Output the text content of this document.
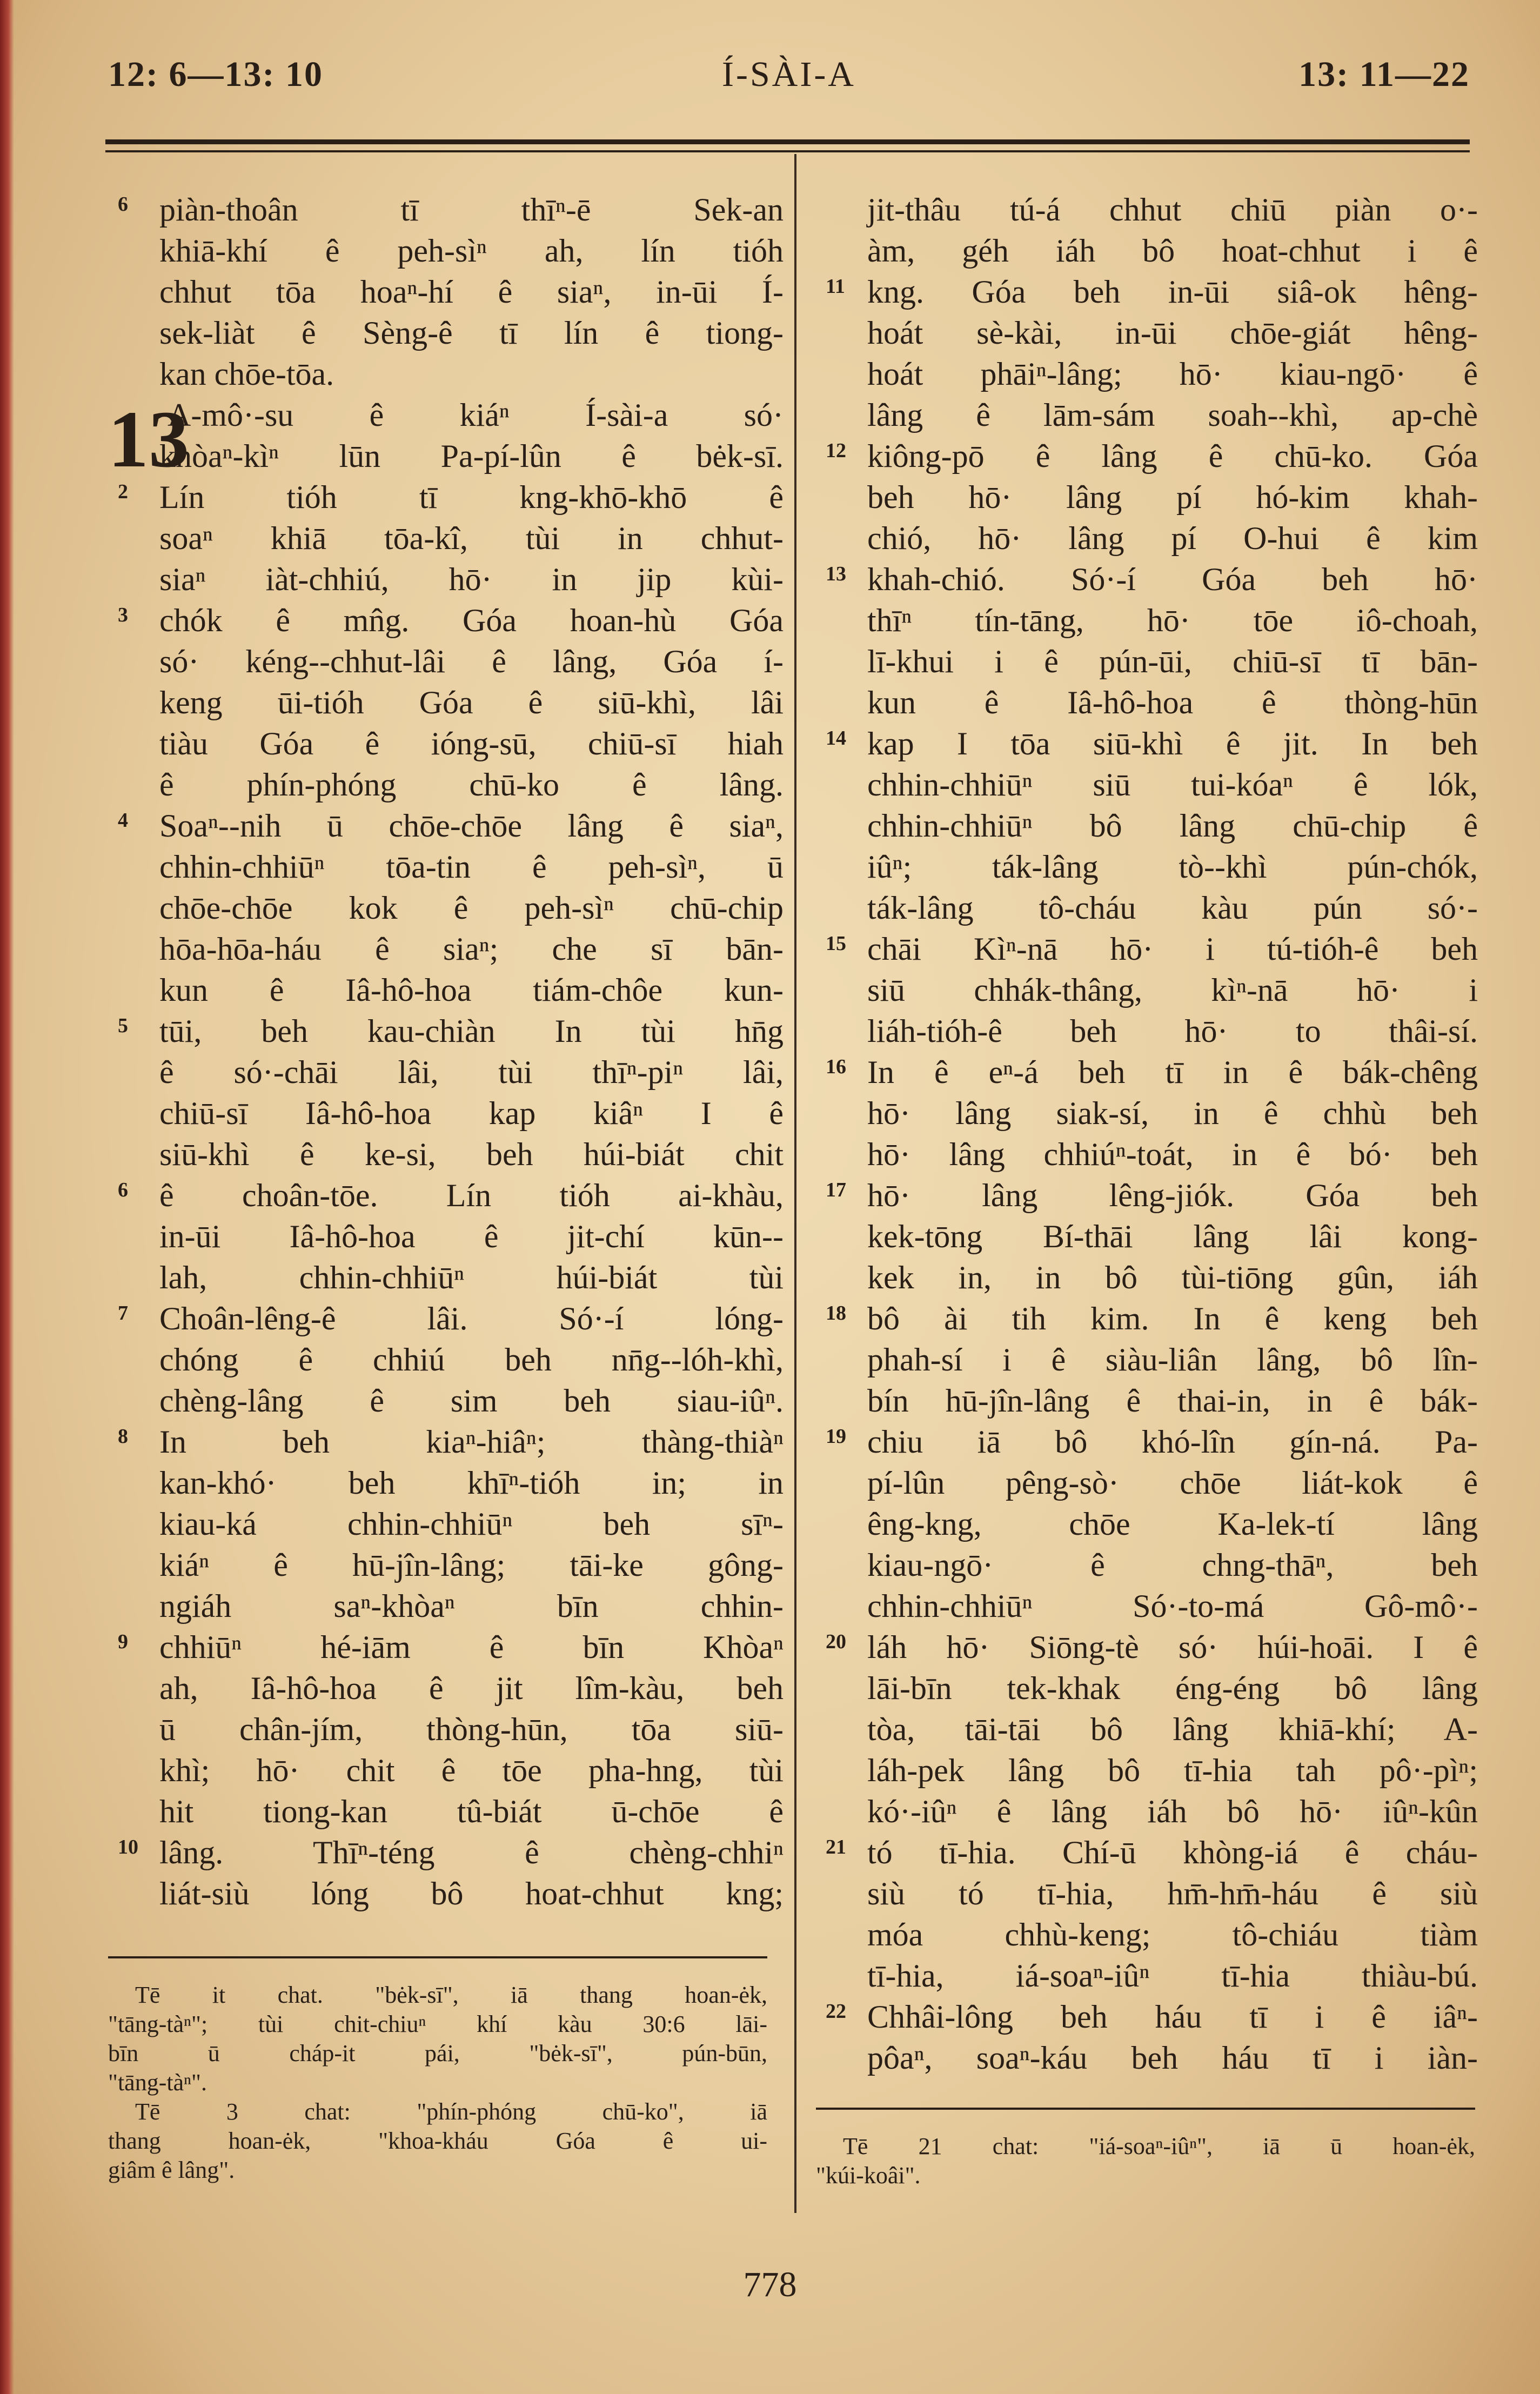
Í-SÀI-A
12: 6—13: 10	13: 11—22
6 piàn-thoân tī thīⁿ-ē Sek-an
khiā-khí ê peh-sìⁿ ah, lín tióh
chhut tōa hoaⁿ-hí ê siaⁿ, in-ūi Í-
sek-liàt ê Sèng-ê tī lín ê tiong-
kan chōe-tōa.
13
A-mô·-su ê kiáⁿ Í-sài-a só·
khòaⁿ-kìⁿ lūn Pa-pí-lûn ê bėk-sī.
2 Lín tióh tī kng-khō-khō ê
soaⁿ khiā tōa-kî, tùi in chhut-
siaⁿ iàt-chhiú, hō· in jip kùi-
3 chók ê mn̂g. Góa hoan-hù Góa
só· kéng--chhut-lâi ê lâng, Góa í-
keng ūi-tióh Góa ê siū-khì, lâi
tiàu Góa ê ióng-sū, chiū-sī hiah
ê phín-phóng chū-ko ê lâng.
4 Soaⁿ--nih ū chōe-chōe lâng ê siaⁿ,
chhin-chhiūⁿ tōa-tin ê peh-sìⁿ, ū
chōe-chōe kok ê peh-sìⁿ chū-chip
hōa-hōa-háu ê siaⁿ; che sī bān-
kun ê Iâ-hô-hoa tiám-chôe kun-
5 tūi, beh kau-chiàn In tùi hn̄g
ê só·-chāi lâi, tùi thīⁿ-piⁿ lâi,
chiū-sī Iâ-hô-hoa kap kiâⁿ I ê
siū-khì ê ke-si, beh húi-biát chit
6 ê choân-tōe. Lín tióh ai-khàu,
in-ūi Iâ-hô-hoa ê jit-chí kūn--
lah, chhin-chhiūⁿ húi-biát tùi
7 Choân-lêng-ê lâi. Só·-í lóng-
chóng ê chhiú beh nn̄g--lóh-khì,
chèng-lâng ê sim beh siau-iûⁿ.
8 In beh kiaⁿ-hiâⁿ; thàng-thiàⁿ
kan-khó· beh khīⁿ-tióh in; in
kiau-ká chhin-chhiūⁿ beh sīⁿ-
kiáⁿ ê hū-jîn-lâng; tāi-ke gông-
ngiáh saⁿ-khòaⁿ bīn chhin-
9 chhiūⁿ hé-iām ê bīn Khòaⁿ
ah, Iâ-hô-hoa ê jit lîm-kàu, beh
ū chân-jím, thòng-hūn, tōa siū-
khì; hō· chit ê tōe pha-hng, tùi
hit tiong-kan tû-biát ū-chōe ê
10 lâng. Thīⁿ-téng ê chèng-chhiⁿ
liát-siù lóng bô hoat-chhut kng;
jit-thâu tú-á chhut chiū piàn o·-
àm, géh iáh bô hoat-chhut i ê
11 kng. Góa beh in-ūi siâ-ok hêng-
hoát sè-kài, in-ūi chōe-giát hêng-
hoát phāiⁿ-lâng; hō· kiau-ngō· ê
lâng ê lām-sám soah--khì, ap-chè
12 kiông-pō ê lâng ê chū-ko. Góa
beh hō· lâng pí hó-kim khah-
chió, hō· lâng pí O-hui ê kim
13 khah-chió. Só·-í Góa beh hō·
thīⁿ tín-tāng, hō· tōe iô-choah,
lī-khui i ê pún-ūi, chiū-sī tī bān-
kun ê Iâ-hô-hoa ê thòng-hūn
14 kap I tōa siū-khì ê jit. In beh
chhin-chhiūⁿ siū tui-kóaⁿ ê lók,
chhin-chhiūⁿ bô lâng chū-chip ê
iûⁿ; ták-lâng tò--khì pún-chók,
ták-lâng tô-cháu kàu pún só·-
15 chāi Kìⁿ-nā hō· i tú-tióh-ê beh
siū chhák-thâng, kìⁿ-nā hō· i
liáh-tióh-ê beh hō· to thâi-sí.
16 In ê eⁿ-á beh tī in ê bák-chêng
hō· lâng siak-sí, in ê chhù beh
hō· lâng chhiúⁿ-toát, in ê bó· beh
17 hō· lâng lêng-jiók. Góa beh
kek-tōng Bí-thāi lâng lâi kong-
kek in, in bô tùi-tiōng gûn, iáh
18 bô ài tih kim. In ê keng beh
phah-sí i ê siàu-liân lâng, bô lîn-
bín hū-jîn-lâng ê thai-in, in ê bák-
19 chiu iā bô khó-lîn gín-ná. Pa-
pí-lûn pêng-sò· chōe liát-kok ê
êng-kng, chōe Ka-lek-tí lâng
kiau-ngō· ê chng-thāⁿ, beh
chhin-chhiūⁿ Só·-to-má Gô-mô·-
20 láh hō· Siōng-tè só· húi-hoāi. I ê
lāi-bīn tek-khak éng-éng bô lâng
tòa, tāi-tāi bô lâng khiā-khí; A-
láh-pek lâng bô tī-hia tah pô·-pìⁿ;
kó·-iûⁿ ê lâng iáh bô hō· iûⁿ-kûn
21 tó tī-hia. Chí-ū khòng-iá ê cháu-
siù tó tī-hia, hm̄-hm̄-háu ê siù
móa chhù-keng; tô-chiáu tiàm
tī-hia, iá-soaⁿ-iûⁿ tī-hia thiàu-bú.
22 Chhâi-lông beh háu tī i ê iâⁿ-
pôaⁿ, soaⁿ-káu beh háu tī i iàn-
Tē it chat. "bėk-sī", iā thang hoan-ėk,
"tāng-tàⁿ"; tùi chit-chiuⁿ khí kàu 30:6 lāi-
bīn ū cháp-it pái, "bėk-sī", pún-būn,
"tāng-tàⁿ".
Tē 3 chat: "phín-phóng chū-ko", iā
thang hoan-ėk, "khoa-kháu Góa ê ui-
giâm ê lâng".
Tē 21 chat: "iá-soaⁿ-iûⁿ", iā ū hoan-ėk,
"kúi-koâi".
778
